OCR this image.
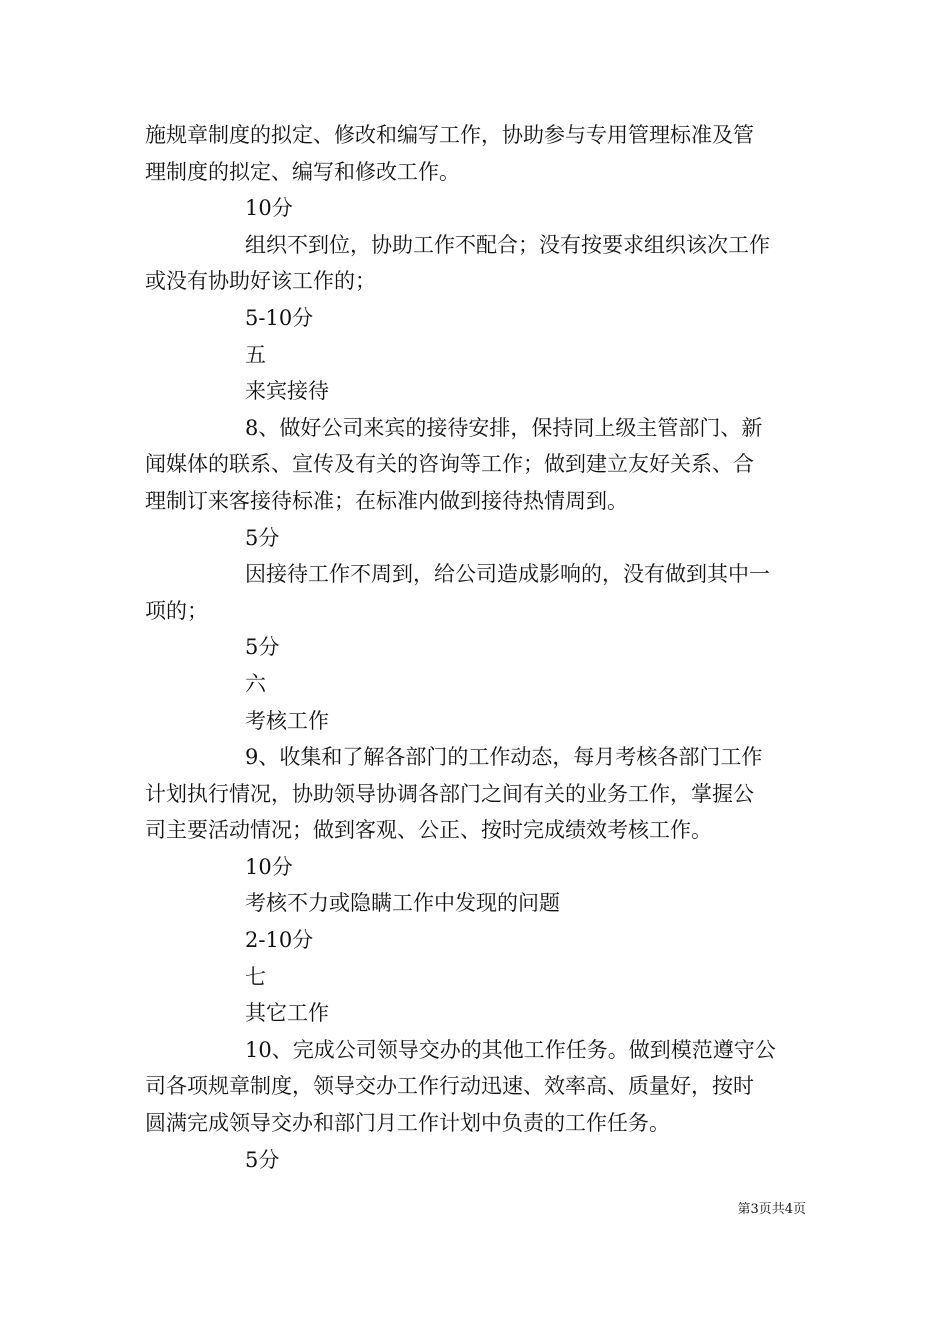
施规章制度的拟定、修改和编写工作，协助参与专用管理标准及管

理制度的拟定、编写和修改工作。

10分

组织不到位，协助工作不配合；没有按要求组织该次工作

或没有协助好该工作的；

5-10分

五

来宾接待

8、做好公司来宾的接待安排，保持同上级主管部门、新

闻媒体的联系、宣传及有关的咨询等工作；做到建立友好关系、合

理制订来客接待标准；在标准内做到接待热情周到。

5分

因接待工作不周到，给公司造成影响的，没有做到其中一

项的；

5分

六

考核工作

9、收集和了解各部门的工作动态，每月考核各部门工作

计划执行情况，协助领导协调各部门之间有关的业务工作，掌握公

司主要活动情况；做到客观、公正、按时完成绩效考核工作。

10分

考核不力或隐瞒工作中发现的问题

2-10分

七

其它工作

10、完成公司领导交办的其他工作任务。做到模范遵守公

司各项规章制度，领导交办工作行动迅速、效率高、质量好，按时

圆满完成领导交办和部门月工作计划中负责的工作任务。

5分

第3页共4页
